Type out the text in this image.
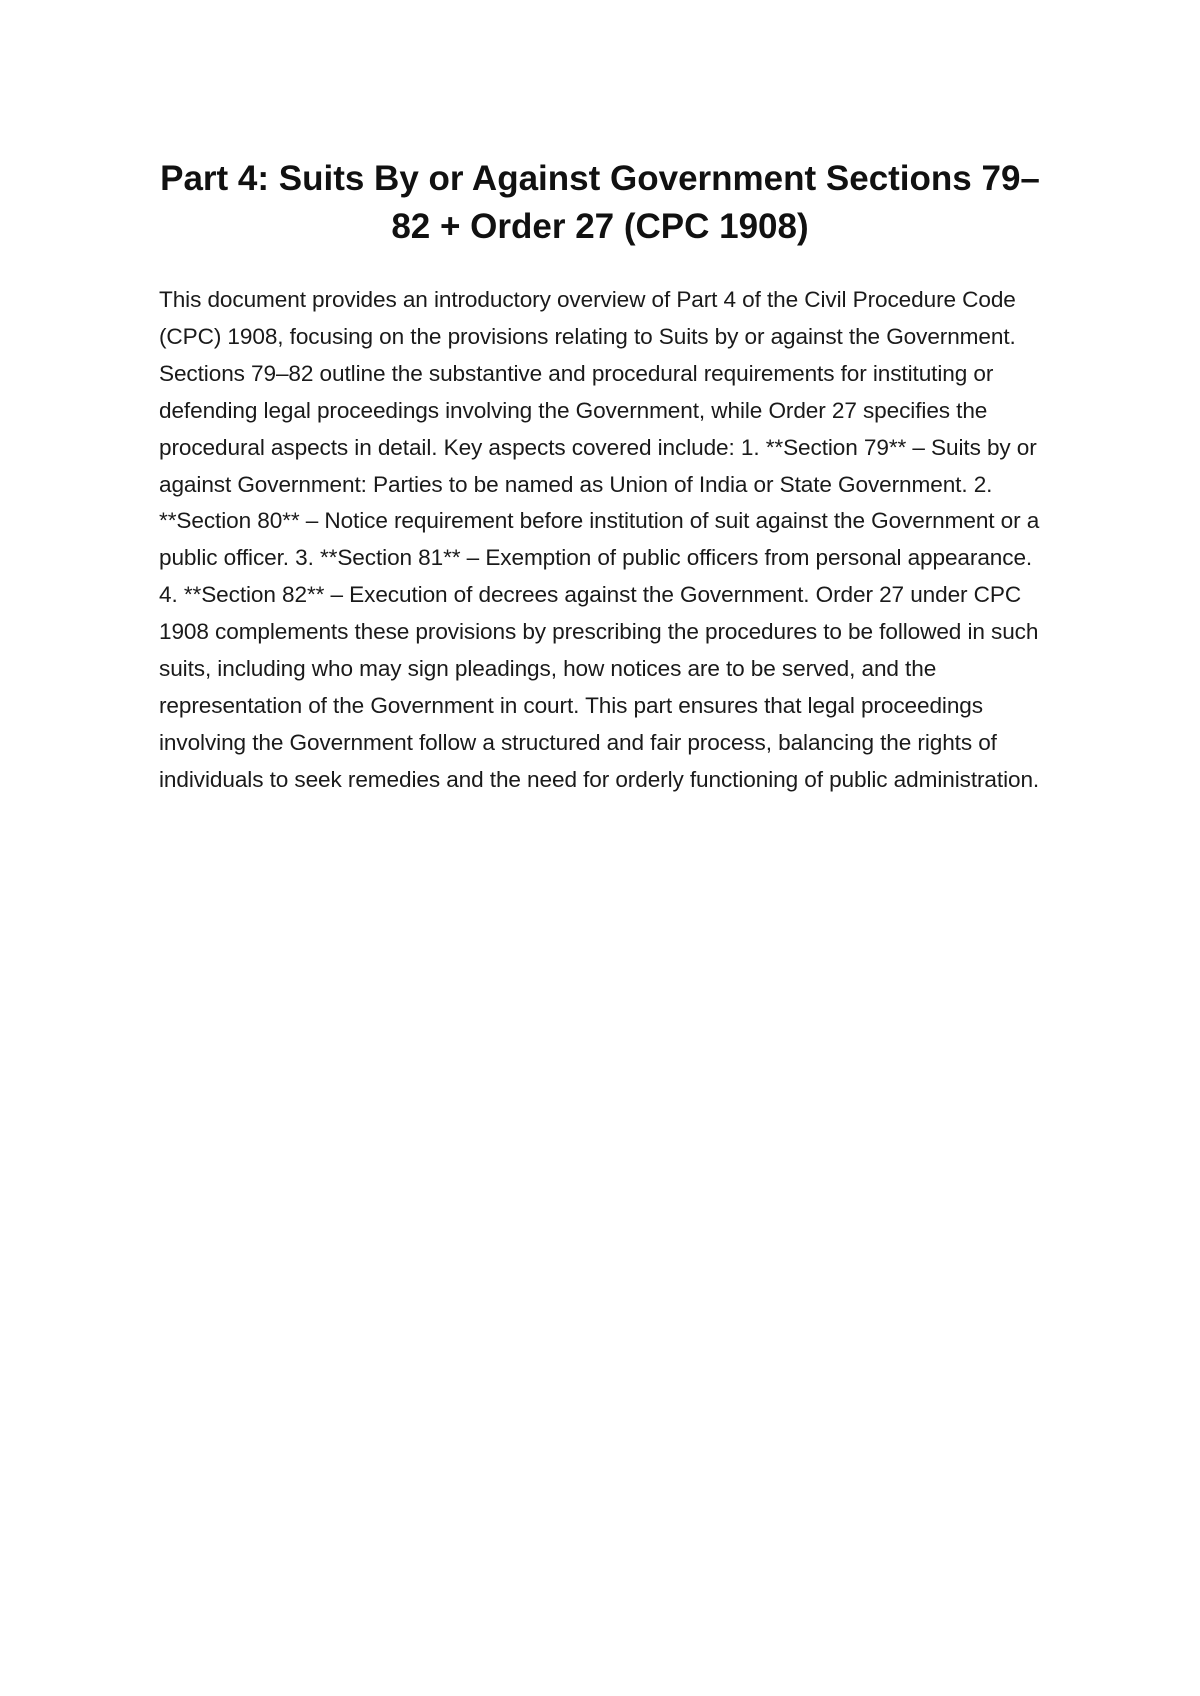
Part 4: Suits By or Against Government Sections 79–82 + Order 27 (CPC 1908)

This document provides an introductory overview of Part 4 of the Civil Procedure Code (CPC) 1908, focusing on the provisions relating to Suits by or against the Government. Sections 79–82 outline the substantive and procedural requirements for instituting or defending legal proceedings involving the Government, while Order 27 specifies the procedural aspects in detail. Key aspects covered include: 1. **Section 79** – Suits by or against Government: Parties to be named as Union of India or State Government. 2. **Section 80** – Notice requirement before institution of suit against the Government or a public officer. 3. **Section 81** – Exemption of public officers from personal appearance. 4. **Section 82** – Execution of decrees against the Government. Order 27 under CPC 1908 complements these provisions by prescribing the procedures to be followed in such suits, including who may sign pleadings, how notices are to be served, and the representation of the Government in court. This part ensures that legal proceedings involving the Government follow a structured and fair process, balancing the rights of individuals to seek remedies and the need for orderly functioning of public administration.
